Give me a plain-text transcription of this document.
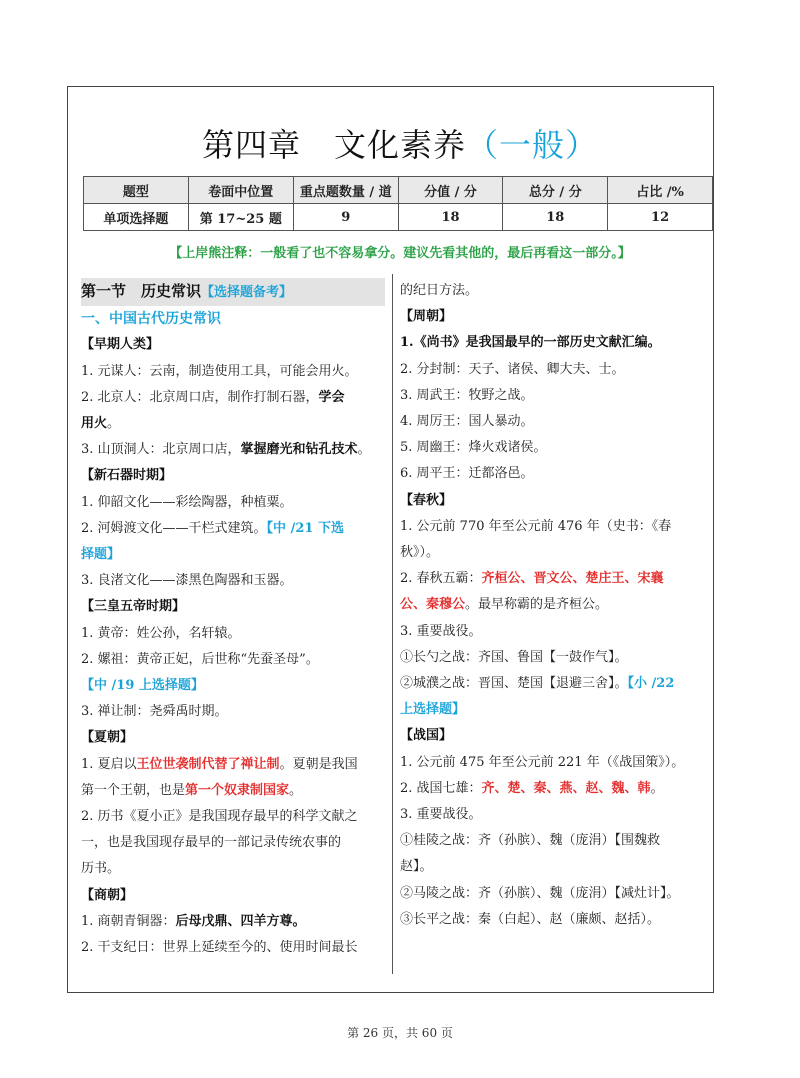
第四章　文化素养（一般）
题型	卷面中位置	重点题数量 / 道	分值 / 分	总分 / 分	占比 /%
单项选择题	第 17~25 题	9	18	18	12
【上岸熊注释：一般看了也不容易拿分。建议先看其他的，最后再看这一部分。】
第一节　历史常识【选择题备考】
一、中国古代历史常识
【早期人类】
1. 元谋人：云南，制造使用工具，可能会用火。
2. 北京人：北京周口店，制作打制石器，学会
用火。
3. 山顶洞人：北京周口店，掌握磨光和钻孔技术。
【新石器时期】
1. 仰韶文化——彩绘陶器，种植粟。
2. 河姆渡文化——干栏式建筑。【中 /21 下选
择题】
3. 良渚文化——漆黑色陶器和玉器。
【三皇五帝时期】
1. 黄帝：姓公孙，名轩辕。
2. 嫘祖：黄帝正妃，后世称“先蚕圣母”。
【中 /19 上选择题】
3. 禅让制：尧舜禹时期。
【夏朝】
1. 夏启以王位世袭制代替了禅让制。夏朝是我国
第一个王朝，也是第一个奴隶制国家。
2. 历书《夏小正》是我国现存最早的科学文献之
一，也是我国现存最早的一部记录传统农事的
历书。
【商朝】
1. 商朝青铜器：后母戊鼎、四羊方尊。
2. 干支纪日：世界上延续至今的、使用时间最长
的纪日方法。
【周朝】
1.《尚书》是我国最早的一部历史文献汇编。
2. 分封制：天子、诸侯、卿大夫、士。
3. 周武王：牧野之战。
4. 周厉王：国人暴动。
5. 周幽王：烽火戏诸侯。
6. 周平王：迁都洛邑。
【春秋】
1. 公元前 770 年至公元前 476 年（史书：《春
秋》）。
2. 春秋五霸：齐桓公、晋文公、楚庄王、宋襄
公、秦穆公。最早称霸的是齐桓公。
3. 重要战役。
①长勺之战：齐国、鲁国【一鼓作气】。
②城濮之战：晋国、楚国【退避三舍】。【小 /22
上选择题】
【战国】
1. 公元前 475 年至公元前 221 年（《战国策》）。
2. 战国七雄：齐、楚、秦、燕、赵、魏、韩。
3. 重要战役。
①桂陵之战：齐（孙膑）、魏（庞涓）【围魏救
赵】。
②马陵之战：齐（孙膑）、魏（庞涓）【减灶计】。
③长平之战：秦（白起）、赵（廉颇、赵括）。
第 26 页，共 60 页
